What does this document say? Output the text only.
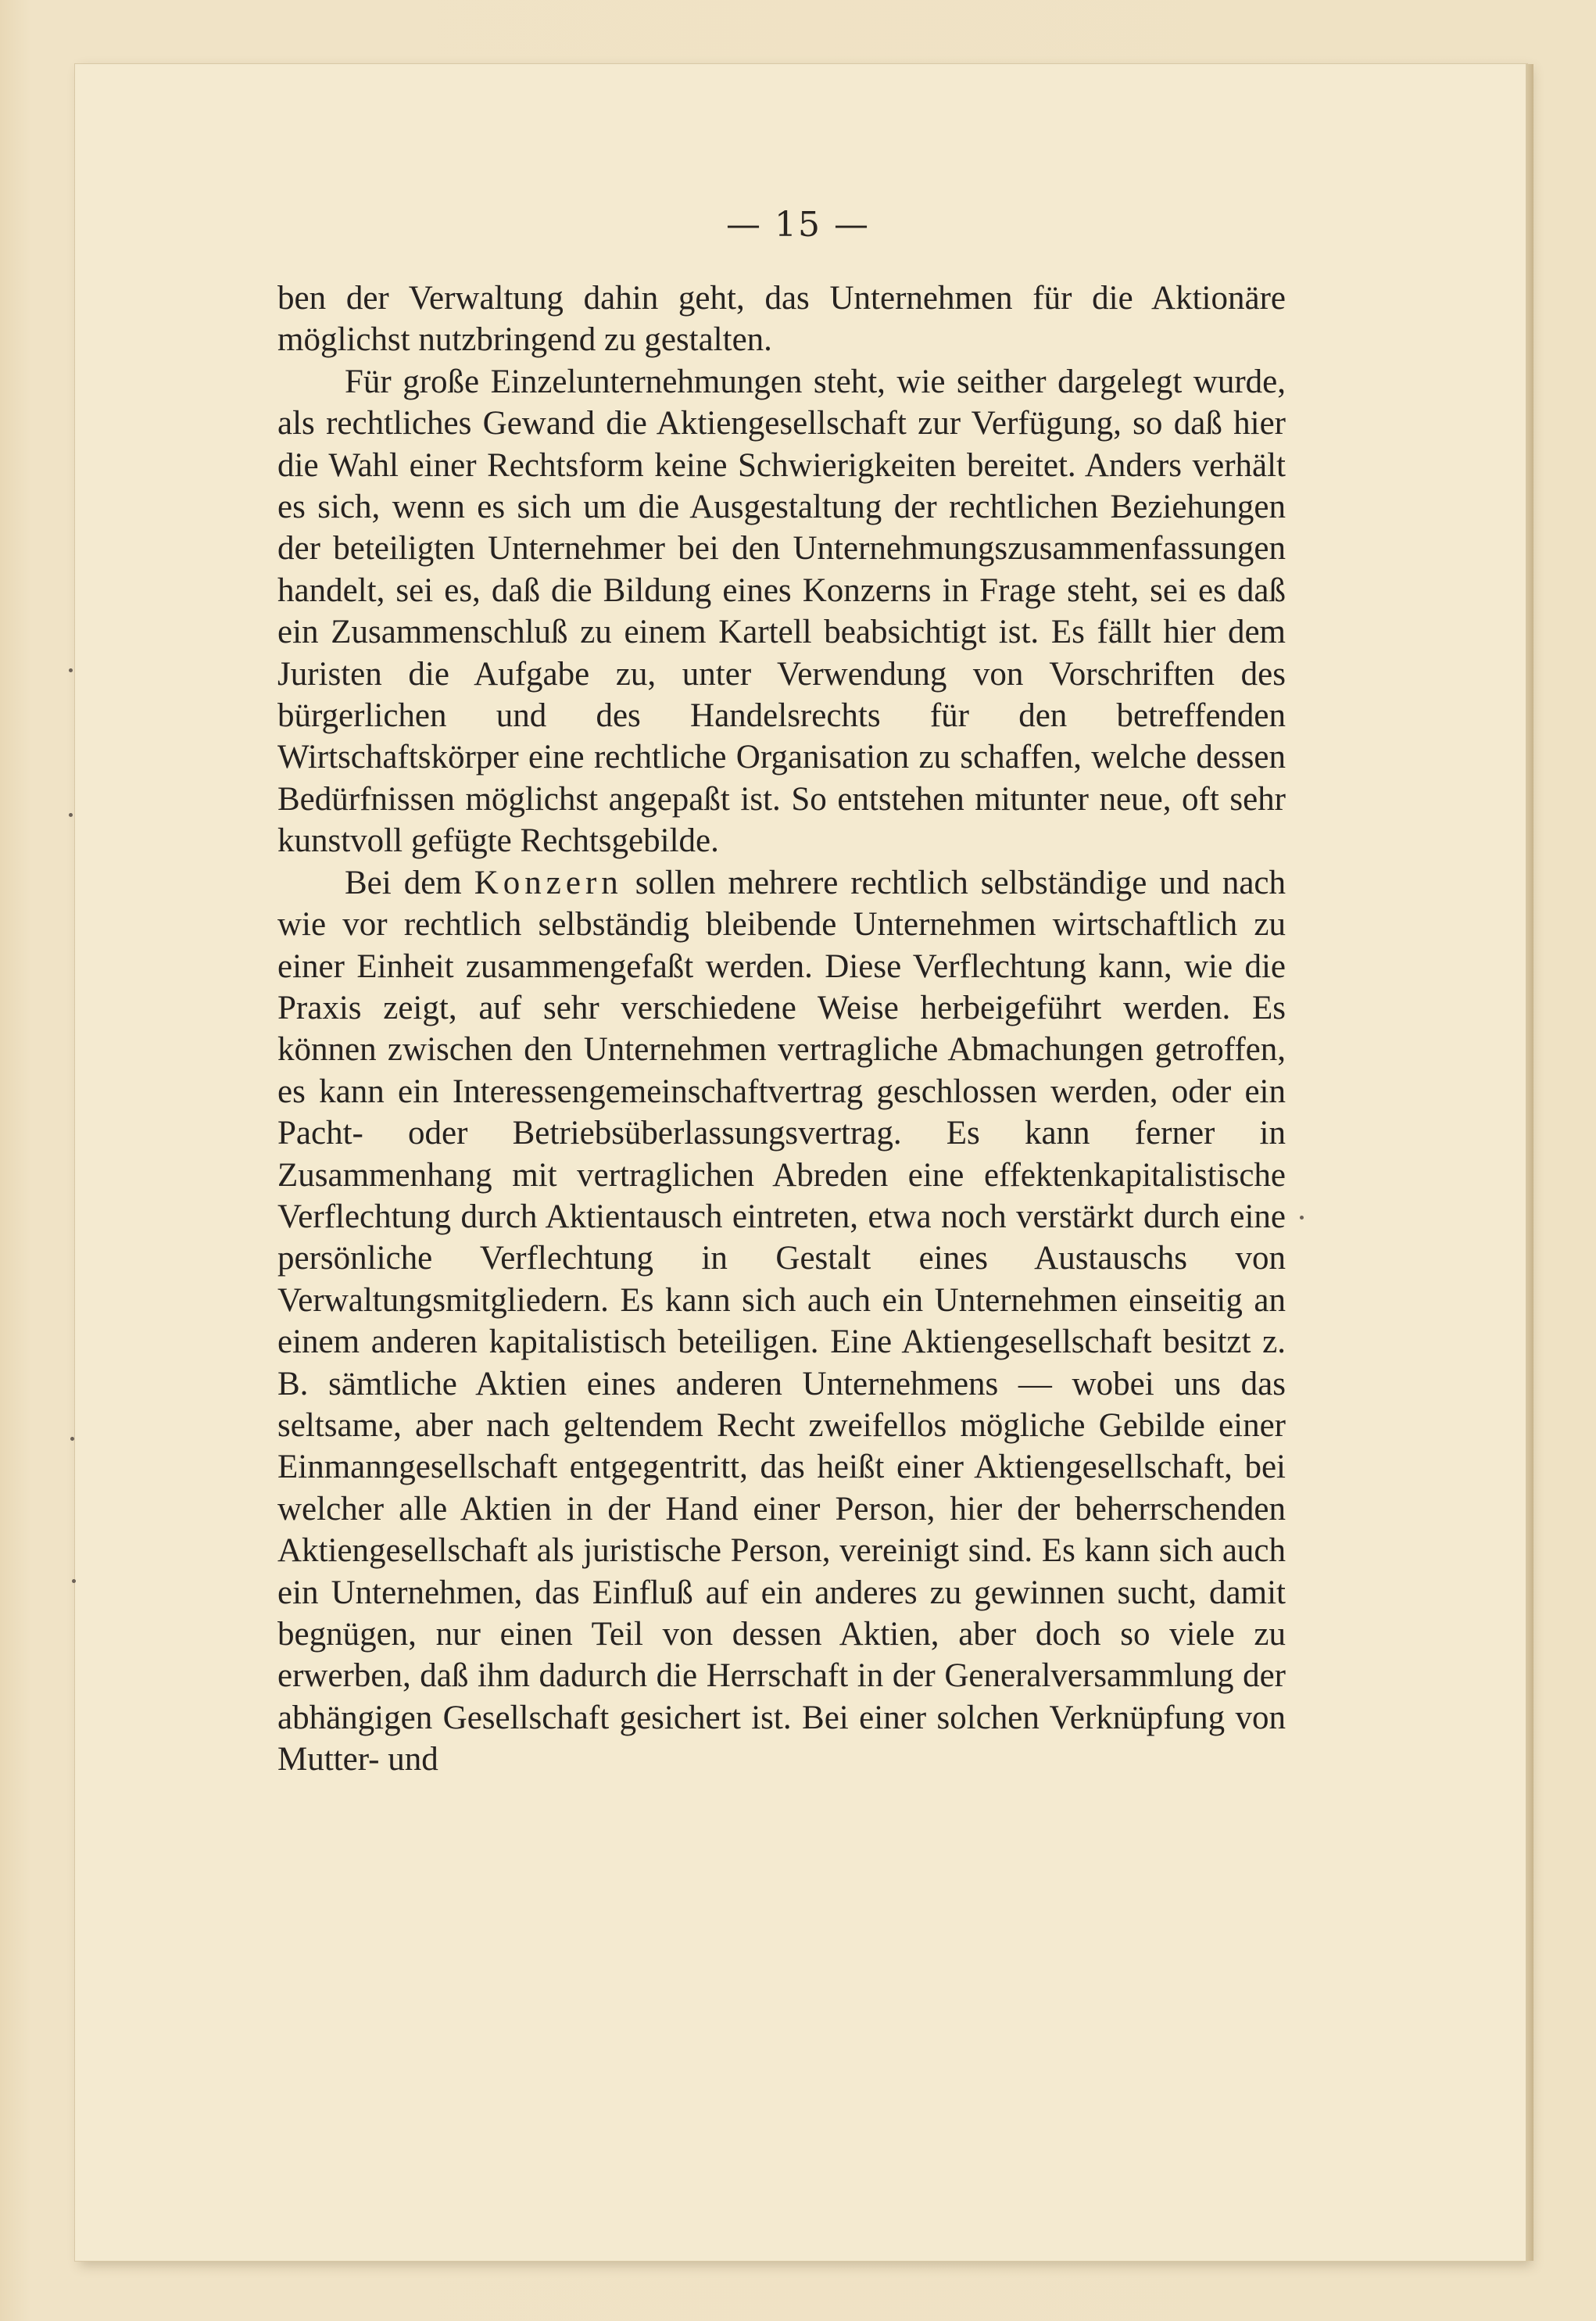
— 15 —

ben der Verwaltung dahin geht, das Unternehmen für die Aktionäre möglichst nutzbringend zu gestalten.

Für große Einzelunternehmungen steht, wie seither dargelegt wurde, als rechtliches Gewand die Aktiengesellschaft zur Verfügung, so daß hier die Wahl einer Rechtsform keine Schwierigkeiten bereitet. Anders verhält es sich, wenn es sich um die Ausgestaltung der rechtlichen Beziehungen der beteiligten Unternehmer bei den Unternehmungszusammenfassungen handelt, sei es, daß die Bildung eines Konzerns in Frage steht, sei es daß ein Zusammenschluß zu einem Kartell beabsichtigt ist. Es fällt hier dem Juristen die Aufgabe zu, unter Verwendung von Vorschriften des bürgerlichen und des Handelsrechts für den betreffenden Wirtschaftskörper eine rechtliche Organisation zu schaffen, welche dessen Bedürfnissen möglichst angepaßt ist. So entstehen mitunter neue, oft sehr kunstvoll gefügte Rechtsgebilde.

Bei dem Konzern sollen mehrere rechtlich selbständige und nach wie vor rechtlich selbständig bleibende Unternehmen wirtschaftlich zu einer Einheit zusammengefaßt werden. Diese Verflechtung kann, wie die Praxis zeigt, auf sehr verschiedene Weise herbeigeführt werden. Es können zwischen den Unternehmen vertragliche Abmachungen getroffen, es kann ein Interessengemeinschaftvertrag geschlossen werden, oder ein Pacht- oder Betriebsüberlassungsvertrag. Es kann ferner in Zusammenhang mit vertraglichen Abreden eine effektenkapitalistische Verflechtung durch Aktientausch eintreten, etwa noch verstärkt durch eine persönliche Verflechtung in Gestalt eines Austauschs von Verwaltungsmitgliedern. Es kann sich auch ein Unternehmen einseitig an einem anderen kapitalistisch beteiligen. Eine Aktiengesellschaft besitzt z. B. sämtliche Aktien eines anderen Unternehmens — wobei uns das seltsame, aber nach geltendem Recht zweifellos mögliche Gebilde einer Einmanngesellschaft entgegentritt, das heißt einer Aktiengesellschaft, bei welcher alle Aktien in der Hand einer Person, hier der beherrschenden Aktiengesellschaft als juristische Person, vereinigt sind. Es kann sich auch ein Unternehmen, das Einfluß auf ein anderes zu gewinnen sucht, damit begnügen, nur einen Teil von dessen Aktien, aber doch so viele zu erwerben, daß ihm dadurch die Herrschaft in der Generalversammlung der abhängigen Gesellschaft gesichert ist. Bei einer solchen Verknüpfung von Mutter- und
